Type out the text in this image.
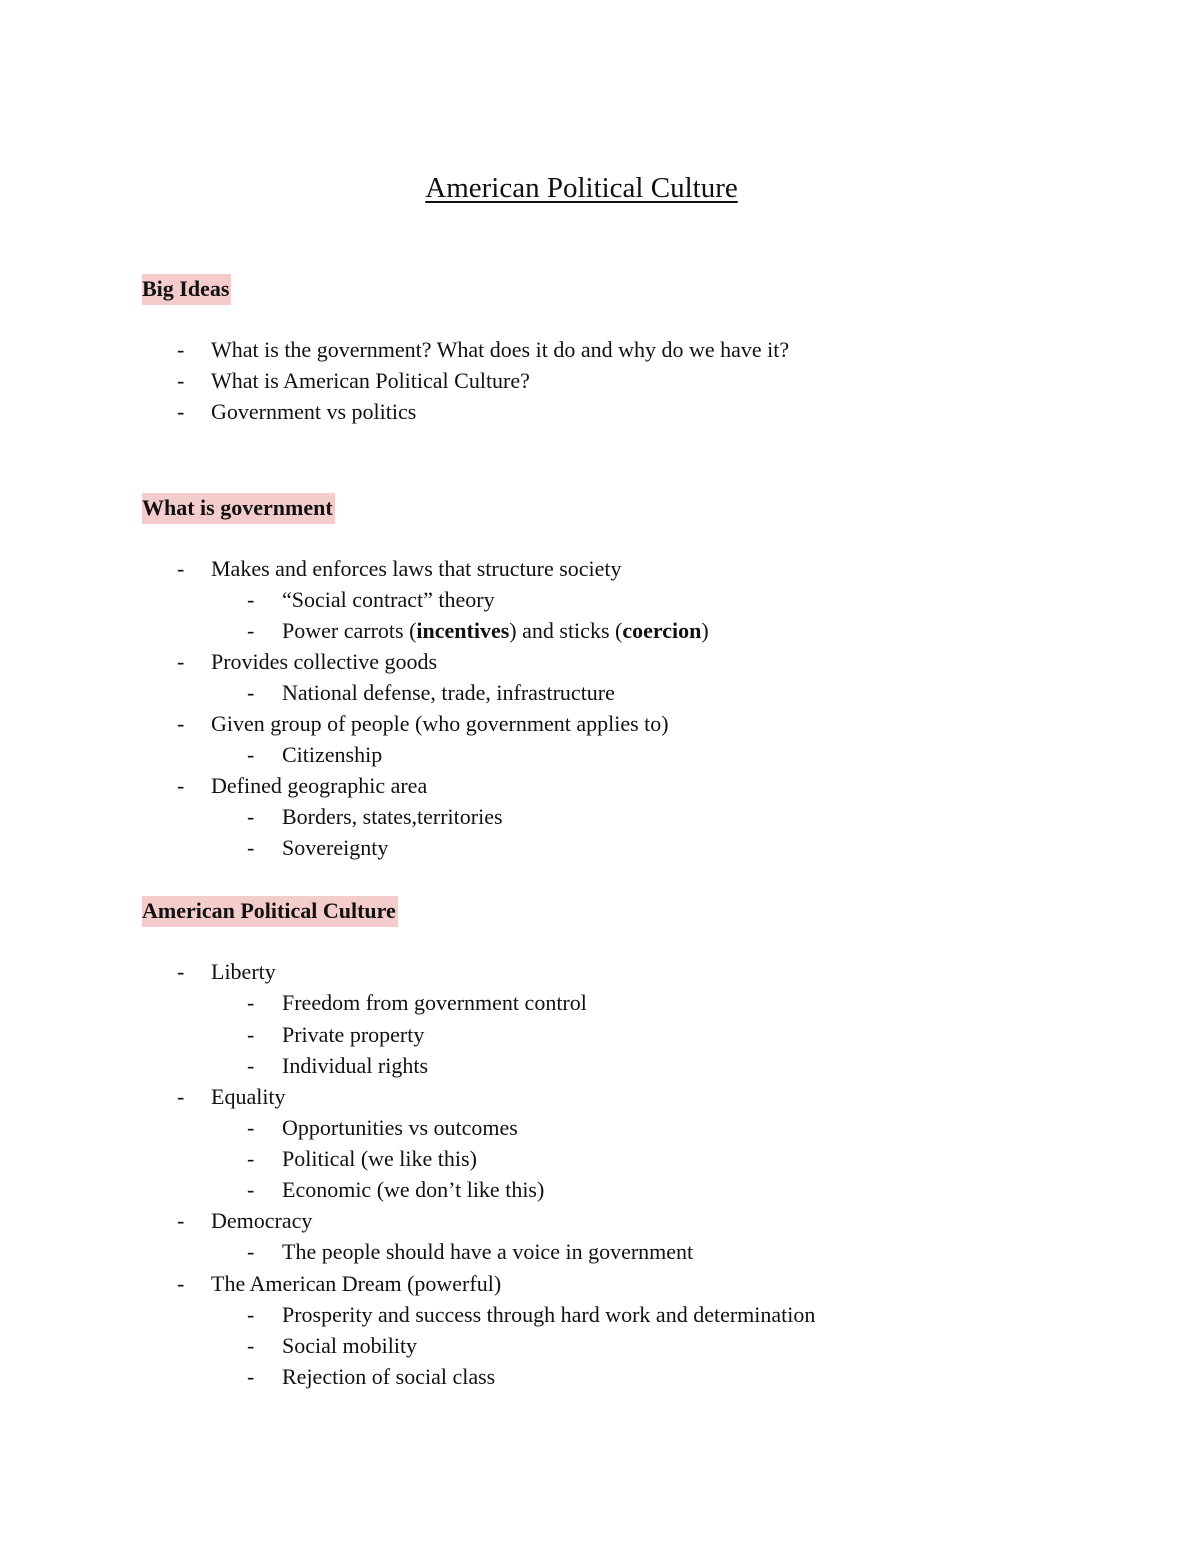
American Political Culture
Big Ideas
- What is the government? What does it do and why do we have it?
- What is American Political Culture?
- Government vs politics
What is government
- Makes and enforces laws that structure society
- “Social contract” theory
- Power carrots (incentives) and sticks (coercion)
- Provides collective goods
- National defense, trade, infrastructure
- Given group of people (who government applies to)
- Citizenship
- Defined geographic area
- Borders, states,territories
- Sovereignty
American Political Culture
- Liberty
- Freedom from government control
- Private property
- Individual rights
- Equality
- Opportunities vs outcomes
- Political (we like this)
- Economic (we don’t like this)
- Democracy
- The people should have a voice in government
- The American Dream (powerful)
- Prosperity and success through hard work and determination
- Social mobility
- Rejection of social class
